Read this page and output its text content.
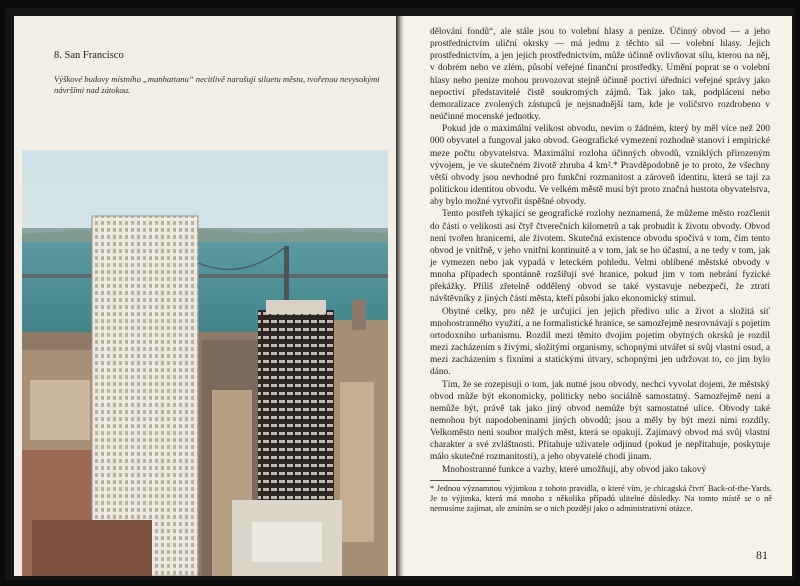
8. San Francisco
Výškové budovy místního „manhattanu“ necitlivě narušují siluetu města, tvořenou nevysokými návršími nad zátokou.

dělování fondů“, ale stále jsou to volební hlasy a peníze. Účinný obvod — a jeho prostřednictvím uliční okrsky — má jednu z těchto sil — volební hlasy. Jejich prostřednictvím, a jen jejich prostřednictvím, může účinně ovlivňovat sílu, kterou na něj, v dobrém nebo ve zlém, působí veřejné finanční prostředky. Umění poprat se o volební hlasy nebo peníze mohou provozovat stejně účinně poctiví úředníci veřejné správy jako nepoctiví představitelé čistě soukromých zájmů. Tak jako tak, podplácení nebo demoralizace zvolených zástupců je nejsnadnější tam, kde je voličstvo rozdrobeno v neúčinné mocenské jednotky.

Pokud jde o maximální velikost obvodu, nevím o žádném, který by měl více než 200 000 obyvatel a fungoval jako obvod. Geografické vymezení rozhodně stanoví i empirické meze počtu obyvatelstva. Maximální rozloha účinných obvodů, vzniklých přirozeným vývojem, je ve skutečném životě zhruba 4 km².* Pravděpodobně je to proto, že všechny větší obvody jsou nevhodné pro funkční rozmanitost a zároveň identitu, která se tají za politickou identitou obvodu. Ve velkém městě musí být proto značná hustota obyvatelstva, aby bylo možné vytvořit úspěšné obvody.

Tento postřeh týkající se geografické rozlohy neznamená, že můžeme město rozčlenit do částí o velikosti asi čtyř čtverečních kilometrů a tak probudit k životu obvody. Obvod není tvořen hranicemi, ale životem. Skutečná existence obvodu spočívá v tom, čím tento obvod je vnitřně, v jeho vnitřní kontinuitě a v tom, jak se ho účastní, a ne tedy v tom, jak je vymezen nebo jak vypadá v leteckém pohledu. Velmi oblíbené městské obvody v mnoha případech spontánně rozšiřují své hranice, pokud jim v tom nebrání fyzické překážky. Příliš zřetelně oddělený obvod se také vystavuje nebezpečí, že ztratí návštěvníky z jiných částí města, kteří působí jako ekonomický stimul.

Obytné celky, pro něž je určující jen jejich předivo ulic a život a složitá síť mnohostranného využití, a ne formalistické hranice, se samozřejmě nesrovnávají s pojetím ortodoxního urbanismu. Rozdíl mezi těmito dvojím pojetím obytných okrsků je rozdíl mezi zacházením s živými, složitými organismy, schopnými utvářet si svůj vlastní osud, a mezi zacházením s fixními a statickými útvary, schopnými jen udržovat to, co jim bylo dáno.

Tím, že se rozepisuji o tom, jak nutné jsou obvody, nechci vyvolat dojem, že městský obvod může být ekonomicky, politicky nebo sociálně samostatný. Samozřejmě není a nemůže být, právě tak jako jiný obvod nemůže být samostatné ulice. Obvody také nemohou být napodobeninami jiných obvodů; jsou a měly by být mezi nimi rozdíly. Velkoměsto není soubor malých měst, která se opakují. Zajímavý obvod má svůj vlastní charakter a své zvláštnosti. Přitahuje uživatele odjinud (pokud je nepřitahuje, poskytuje málo skutečné rozmanitosti), a jeho obyvatelé chodí jinam.

Mnohostranné funkce a vazby, které umožňují, aby obvod jako takový

* Jednou významnou výjimkou z tohoto pravidla, o které vím, je chicagská čtvrť Back-of-the-Yards. Je to výjimka, která má mnoho z několika případů ulitelné důsledky. Na tomto místě se o ně nemusíme zajímat, ale zmíním se o nich později jako o administrativní otázce.
81
